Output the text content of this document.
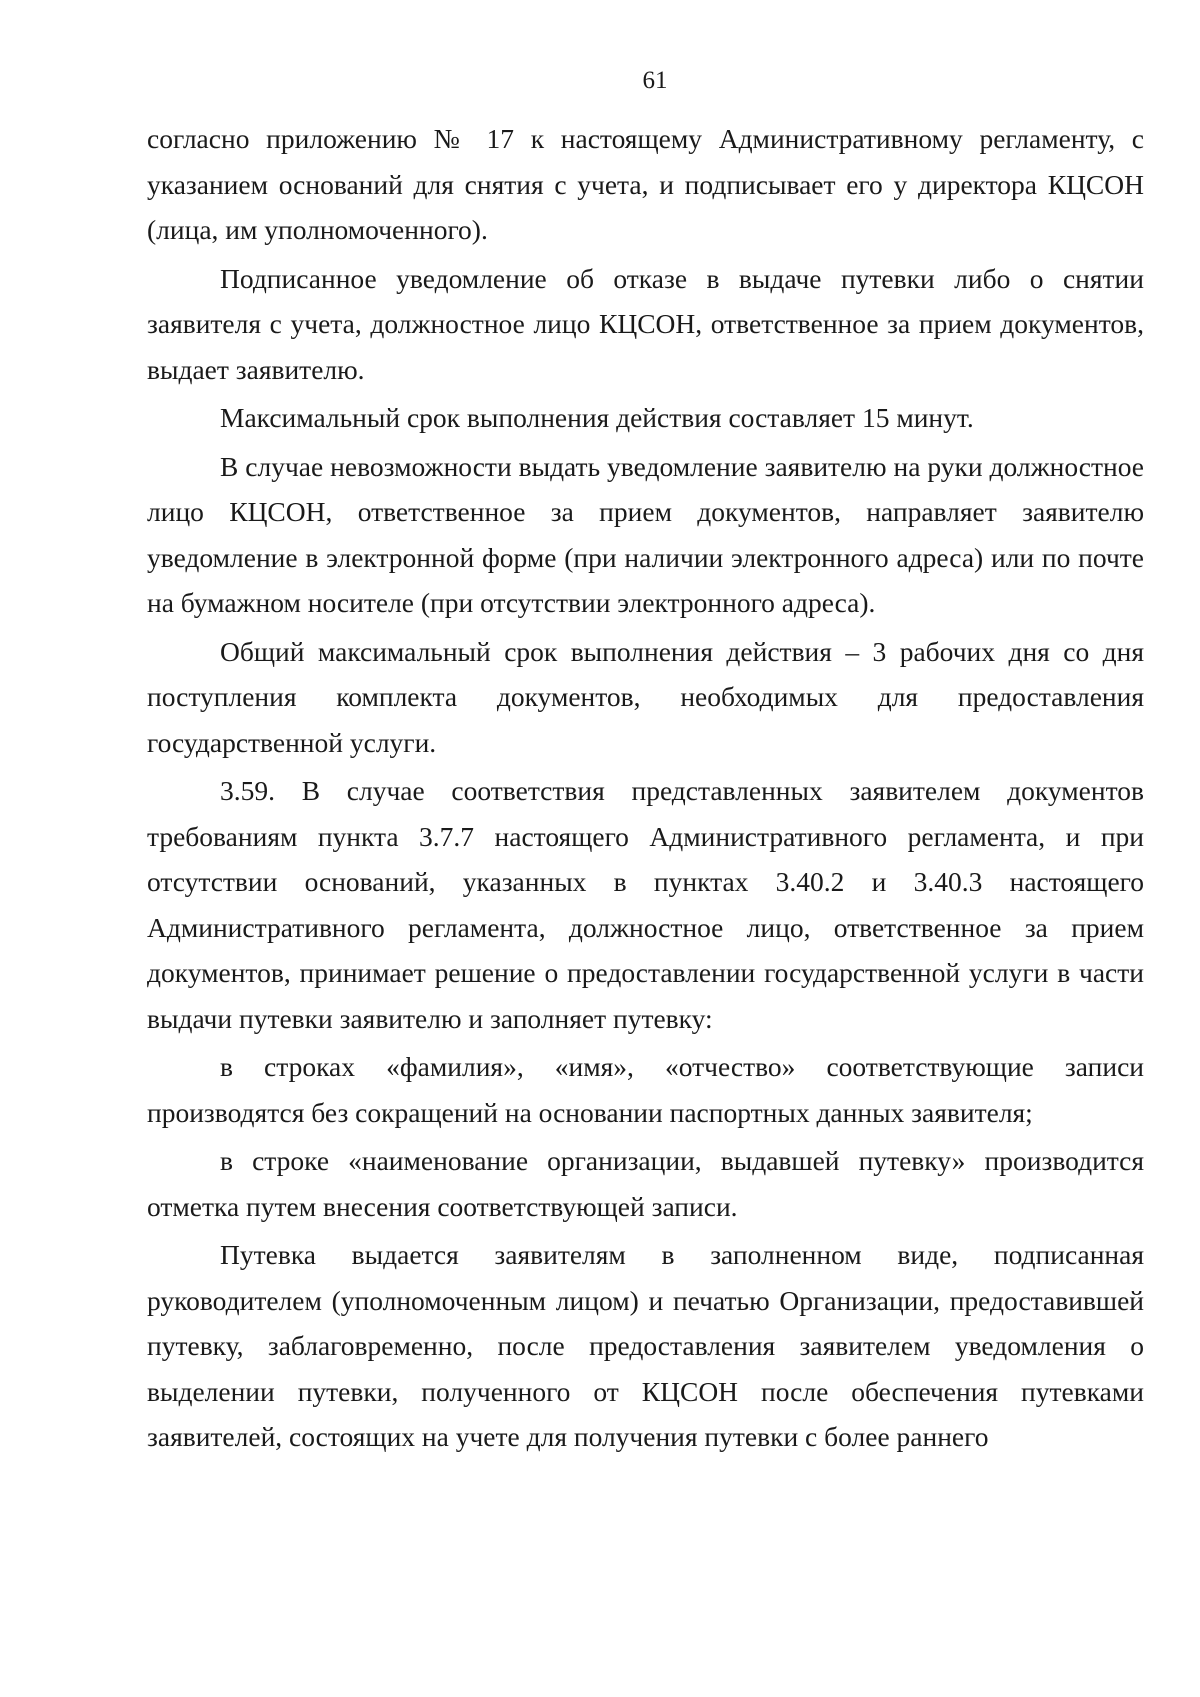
61

согласно приложению № 17 к настоящему Административному регламенту, с указанием оснований для снятия с учета, и подписывает его у директора КЦСОН (лица, им уполномоченного).

Подписанное уведомление об отказе в выдаче путевки либо о снятии заявителя с учета, должностное лицо КЦСОН, ответственное за прием документов, выдает заявителю.

Максимальный срок выполнения действия составляет 15 минут.

В случае невозможности выдать уведомление заявителю на руки должностное лицо КЦСОН, ответственное за прием документов, направляет заявителю уведомление в электронной форме (при наличии электронного адреса) или по почте на бумажном носителе (при отсутствии электронного адреса).

Общий максимальный срок выполнения действия – 3 рабочих дня со дня поступления комплекта документов, необходимых для предоставления государственной услуги.

3.59. В случае соответствия представленных заявителем документов требованиям пункта 3.7.7 настоящего Административного регламента, и при отсутствии оснований, указанных в пунктах 3.40.2 и 3.40.3 настоящего Административного регламента, должностное лицо, ответственное за прием документов, принимает решение о предоставлении государственной услуги в части выдачи путевки заявителю и заполняет путевку:

в строках «фамилия», «имя», «отчество» соответствующие записи производятся без сокращений на основании паспортных данных заявителя;

в строке «наименование организации, выдавшей путевку» производится отметка путем внесения соответствующей записи.

Путевка выдается заявителям в заполненном виде, подписанная руководителем (уполномоченным лицом) и печатью Организации, предоставившей путевку, заблаговременно, после предоставления заявителем уведомления о выделении путевки, полученного от КЦСОН после обеспечения путевками заявителей, состоящих на учете для получения путевки с более раннего
